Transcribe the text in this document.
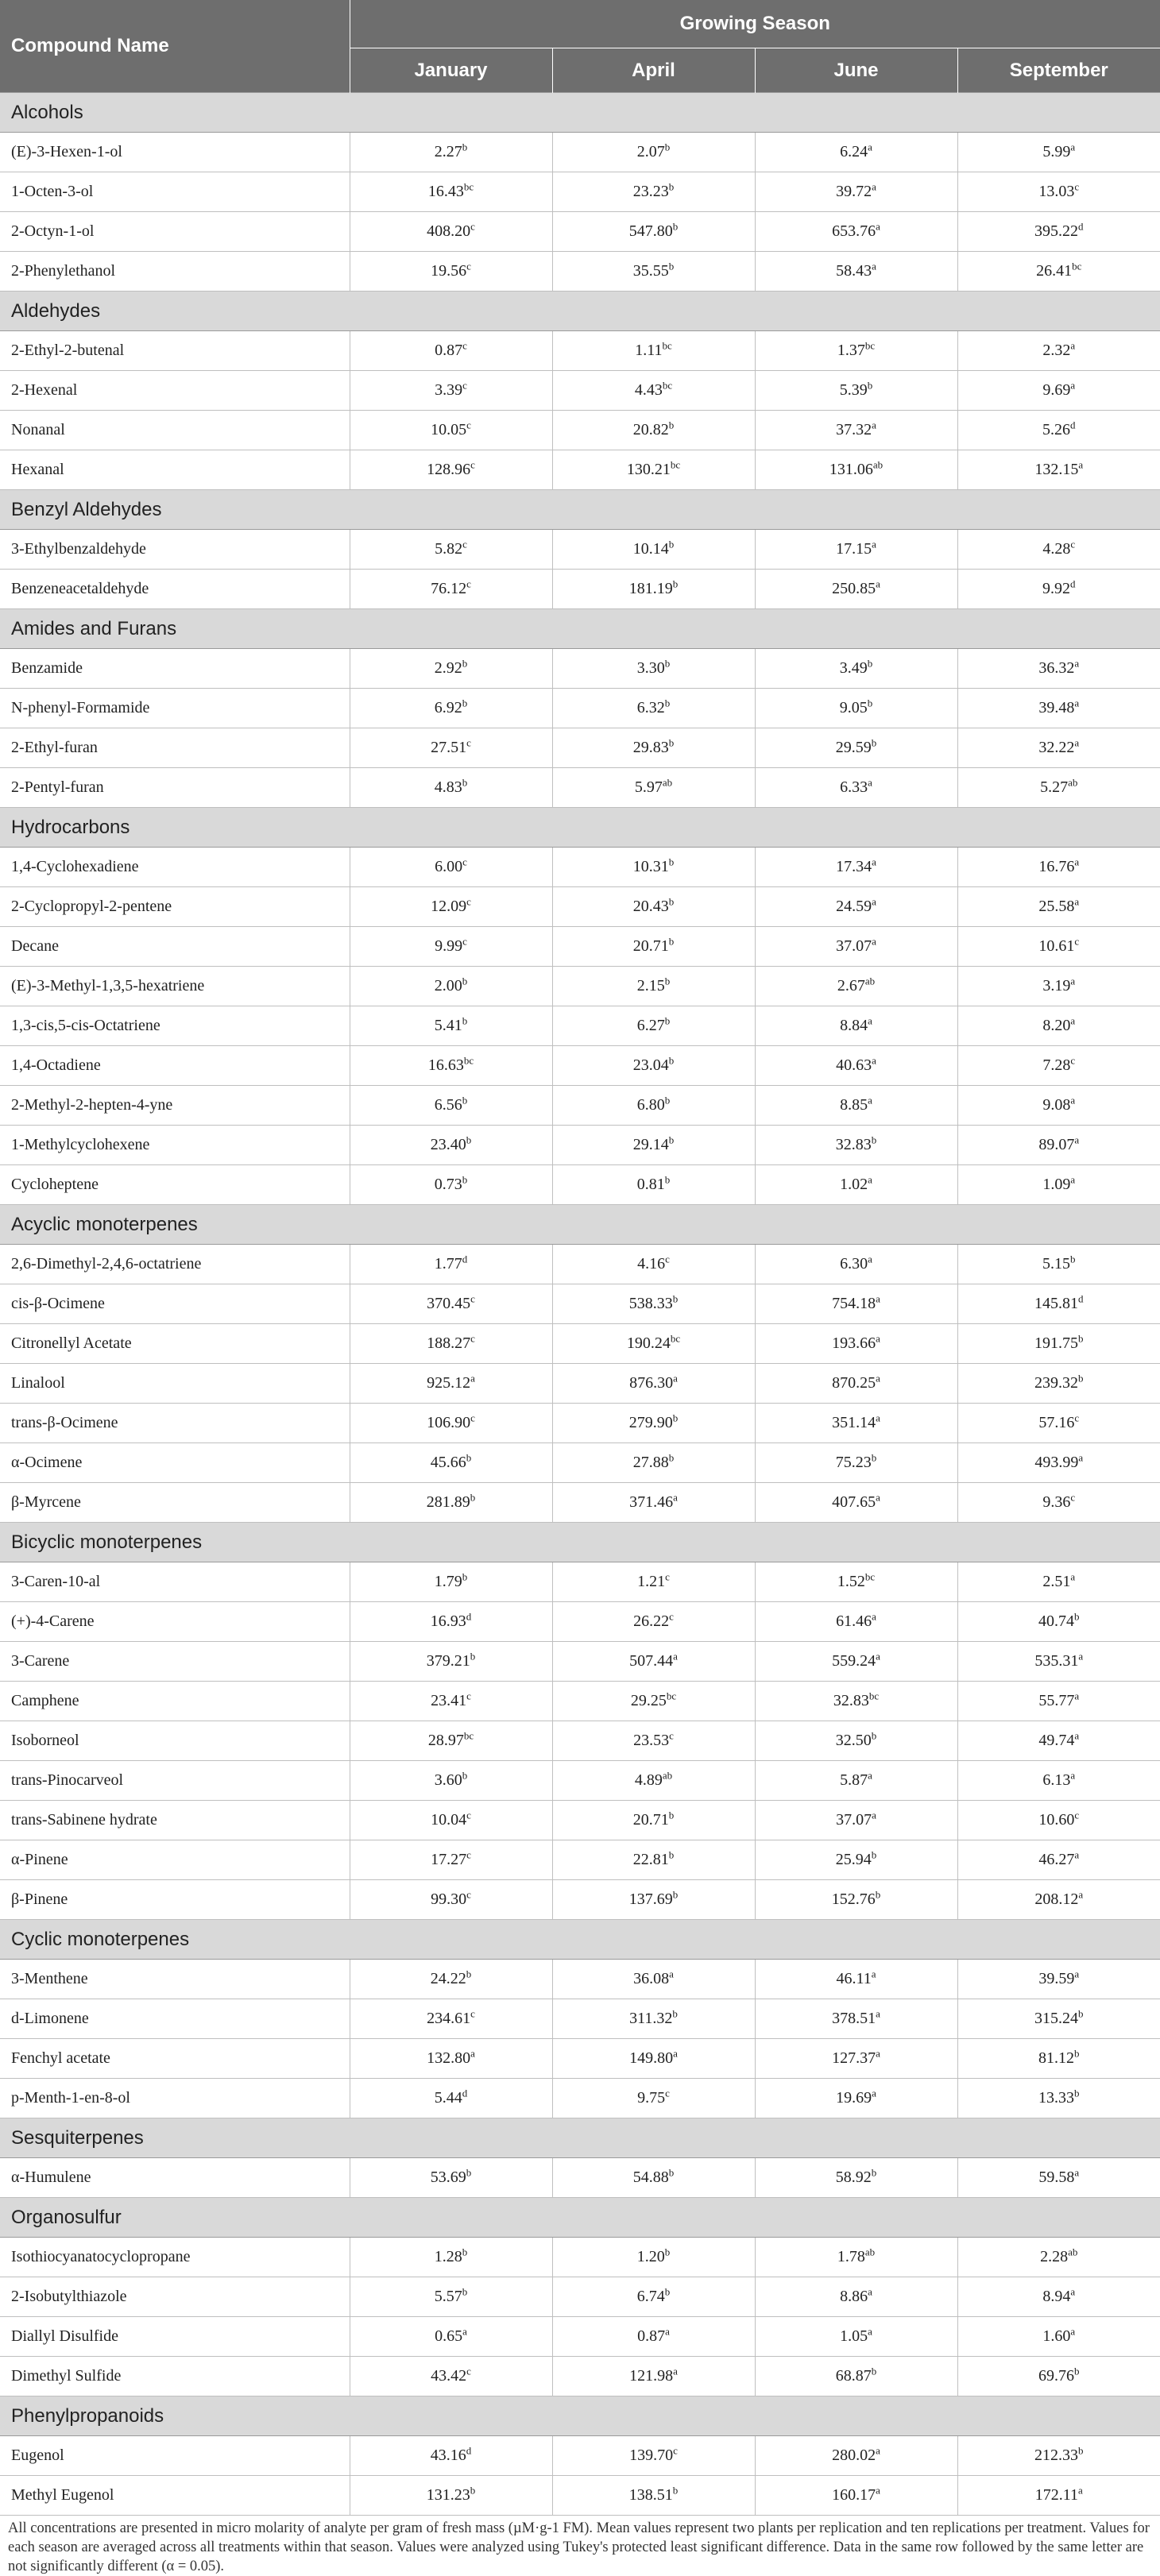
Compound Name	Growing Season			
	January	April	June	September
Alcohols				
(E)-3-Hexen-1-ol	2.27$^b$	2.07$^b$	6.24$^a$	5.99$^a$
1-Octen-3-ol	16.43$^{bc}$	23.23$^b$	39.72$^a$	13.03$^c$
2-Octyn-1-ol	408.20$^c$	547.80$^b$	653.76$^a$	395.22$^d$
2-Phenylethanol	19.56$^c$	35.55$^b$	58.43$^a$	26.41$^{bc}$
Aldehydes				
2-Ethyl-2-butenal	0.87$^c$	1.11$^{bc}$	1.37$^{bc}$	2.32$^a$
2-Hexenal	3.39$^c$	4.43$^{bc}$	5.39$^b$	9.69$^a$
Nonanal	10.05$^c$	20.82$^b$	37.32$^a$	5.26$^d$
Hexanal	128.96$^c$	130.21$^{bc}$	131.06$^{ab}$	132.15$^a$
Benzyl Aldehydes				
3-Ethylbenzaldehyde	5.82$^c$	10.14$^b$	17.15$^a$	4.28$^c$
Benzeneacetaldehyde	76.12$^c$	181.19$^b$	250.85$^a$	9.92$^d$
Amides and Furans				
Benzamide	2.92$^b$	3.30$^b$	3.49$^b$	36.32$^a$
N-phenyl-Formamide	6.92$^b$	6.32$^b$	9.05$^b$	39.48$^a$
2-Ethyl-furan	27.51$^c$	29.83$^b$	29.59$^b$	32.22$^a$
2-Pentyl-furan	4.83$^b$	5.97$^{ab}$	6.33$^a$	5.27$^{ab}$
Hydrocarbons				
1,4-Cyclohexadiene	6.00$^c$	10.31$^b$	17.34$^a$	16.76$^a$
2-Cyclopropyl-2-pentene	12.09$^c$	20.43$^b$	24.59$^a$	25.58$^a$
Decane	9.99$^c$	20.71$^b$	37.07$^a$	10.61$^c$
(E)-3-Methyl-1,3,5-hexatriene	2.00$^b$	2.15$^b$	2.67$^{ab}$	3.19$^a$
1,3-cis,5-cis-Octatriene	5.41$^b$	6.27$^b$	8.84$^a$	8.20$^a$
1,4-Octadiene	16.63$^{bc}$	23.04$^b$	40.63$^a$	7.28$^c$
2-Methyl-2-hepten-4-yne	6.56$^b$	6.80$^b$	8.85$^a$	9.08$^a$
1-Methylcyclohexene	23.40$^b$	29.14$^b$	32.83$^b$	89.07$^a$
Cycloheptene	0.73$^b$	0.81$^b$	1.02$^a$	1.09$^a$
Acyclic monoterpenes				
2,6-Dimethyl-2,4,6-octatriene	1.77$^d$	4.16$^c$	6.30$^a$	5.15$^b$
cis-β-Ocimene	370.45$^c$	538.33$^b$	754.18$^a$	145.81$^d$
Citronellyl Acetate	188.27$^c$	190.24$^{bc}$	193.66$^a$	191.75$^b$
Linalool	925.12$^a$	876.30$^a$	870.25$^a$	239.32$^b$
trans-β-Ocimene	106.90$^c$	279.90$^b$	351.14$^a$	57.16$^c$
α-Ocimene	45.66$^b$	27.88$^b$	75.23$^b$	493.99$^a$
β-Myrcene	281.89$^b$	371.46$^a$	407.65$^a$	9.36$^c$
Bicyclic monoterpenes				
3-Caren-10-al	1.79$^b$	1.21$^c$	1.52$^{bc}$	2.51$^a$
(+)-4-Carene	16.93$^d$	26.22$^c$	61.46$^a$	40.74$^b$
3-Carene	379.21$^b$	507.44$^a$	559.24$^a$	535.31$^a$
Camphene	23.41$^c$	29.25$^{bc}$	32.83$^{bc}$	55.77$^a$
Isoborneol	28.97$^{bc}$	23.53$^c$	32.50$^b$	49.74$^a$
trans-Pinocarveol	3.60$^b$	4.89$^{ab}$	5.87$^a$	6.13$^a$
trans-Sabinene hydrate	10.04$^c$	20.71$^b$	37.07$^a$	10.60$^c$
α-Pinene	17.27$^c$	22.81$^b$	25.94$^b$	46.27$^a$
β-Pinene	99.30$^c$	137.69$^b$	152.76$^b$	208.12$^a$
Cyclic monoterpenes				
3-Menthene	24.22$^b$	36.08$^a$	46.11$^a$	39.59$^a$
d-Limonene	234.61$^c$	311.32$^b$	378.51$^a$	315.24$^b$
Fenchyl acetate	132.80$^a$	149.80$^a$	127.37$^a$	81.12$^b$
p-Menth-1-en-8-ol	5.44$^d$	9.75$^c$	19.69$^a$	13.33$^b$
Sesquiterpenes				
α-Humulene	53.69$^b$	54.88$^b$	58.92$^b$	59.58$^a$
Organosulfur				
Isothiocyanatocyclopropane	1.28$^b$	1.20$^b$	1.78$^{ab}$	2.28$^{ab}$
2-Isobutylthiazole	5.57$^b$	6.74$^b$	8.86$^a$	8.94$^a$
Diallyl Disulfide	0.65$^a$	0.87$^a$	1.05$^a$	1.60$^a$
Dimethyl Sulfide	43.42$^c$	121.98$^a$	68.87$^b$	69.76$^b$
Phenylpropanoids				
Eugenol	43.16$^d$	139.70$^c$	280.02$^a$	212.33$^b$
Methyl Eugenol	131.23$^b$	138.51$^b$	160.17$^a$	172.11$^a$
All concentrations are presented in micro molarity of analyte per gram of fresh mass (µM·g-1 FM). Mean values represent two plants per replication and ten replications per treatment. Values for each season are averaged across all treatments within that season. Values were analyzed using Tukey's protected least significant difference. Data in the same row followed by the same letter are not significantly different (α = 0.05).
